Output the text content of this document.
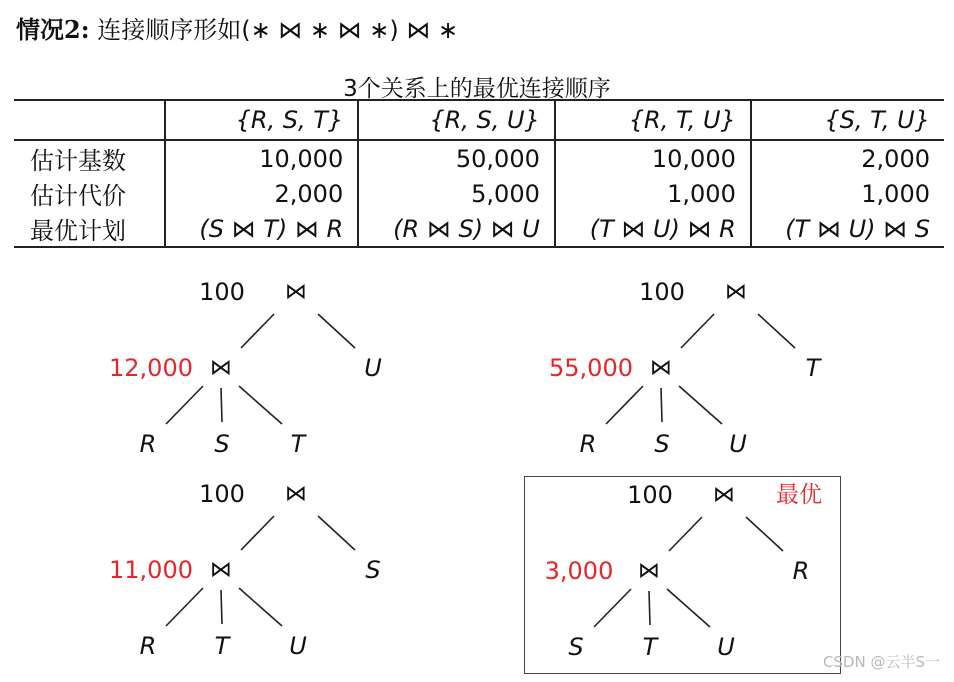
情况2: 连接顺序形如(∗ ⋈ ∗ ⋈ ∗) ⋈ ∗
3个关系上的最优连接顺序
	{R, S, T}	{R, S, U}	{R, T, U}	{S, T, U}
估计基数	10,000	50,000	10,000	2,000
估计代价	2,000	5,000	1,000	1,000
最优计划	(S ⋈ T) ⋈ R	(R ⋈ S) ⋈ U	(T ⋈ U) ⋈ R	(T ⋈ U) ⋈ S
100 ⋈
12,000 ⋈	U
R S	T
100 ⋈
55,000 ⋈	T
R S U
100 ⋈
11,000 ⋈	S
R T U
100 ⋈
3,000 ⋈	R
S T U
最优
CSDN @云半S一
